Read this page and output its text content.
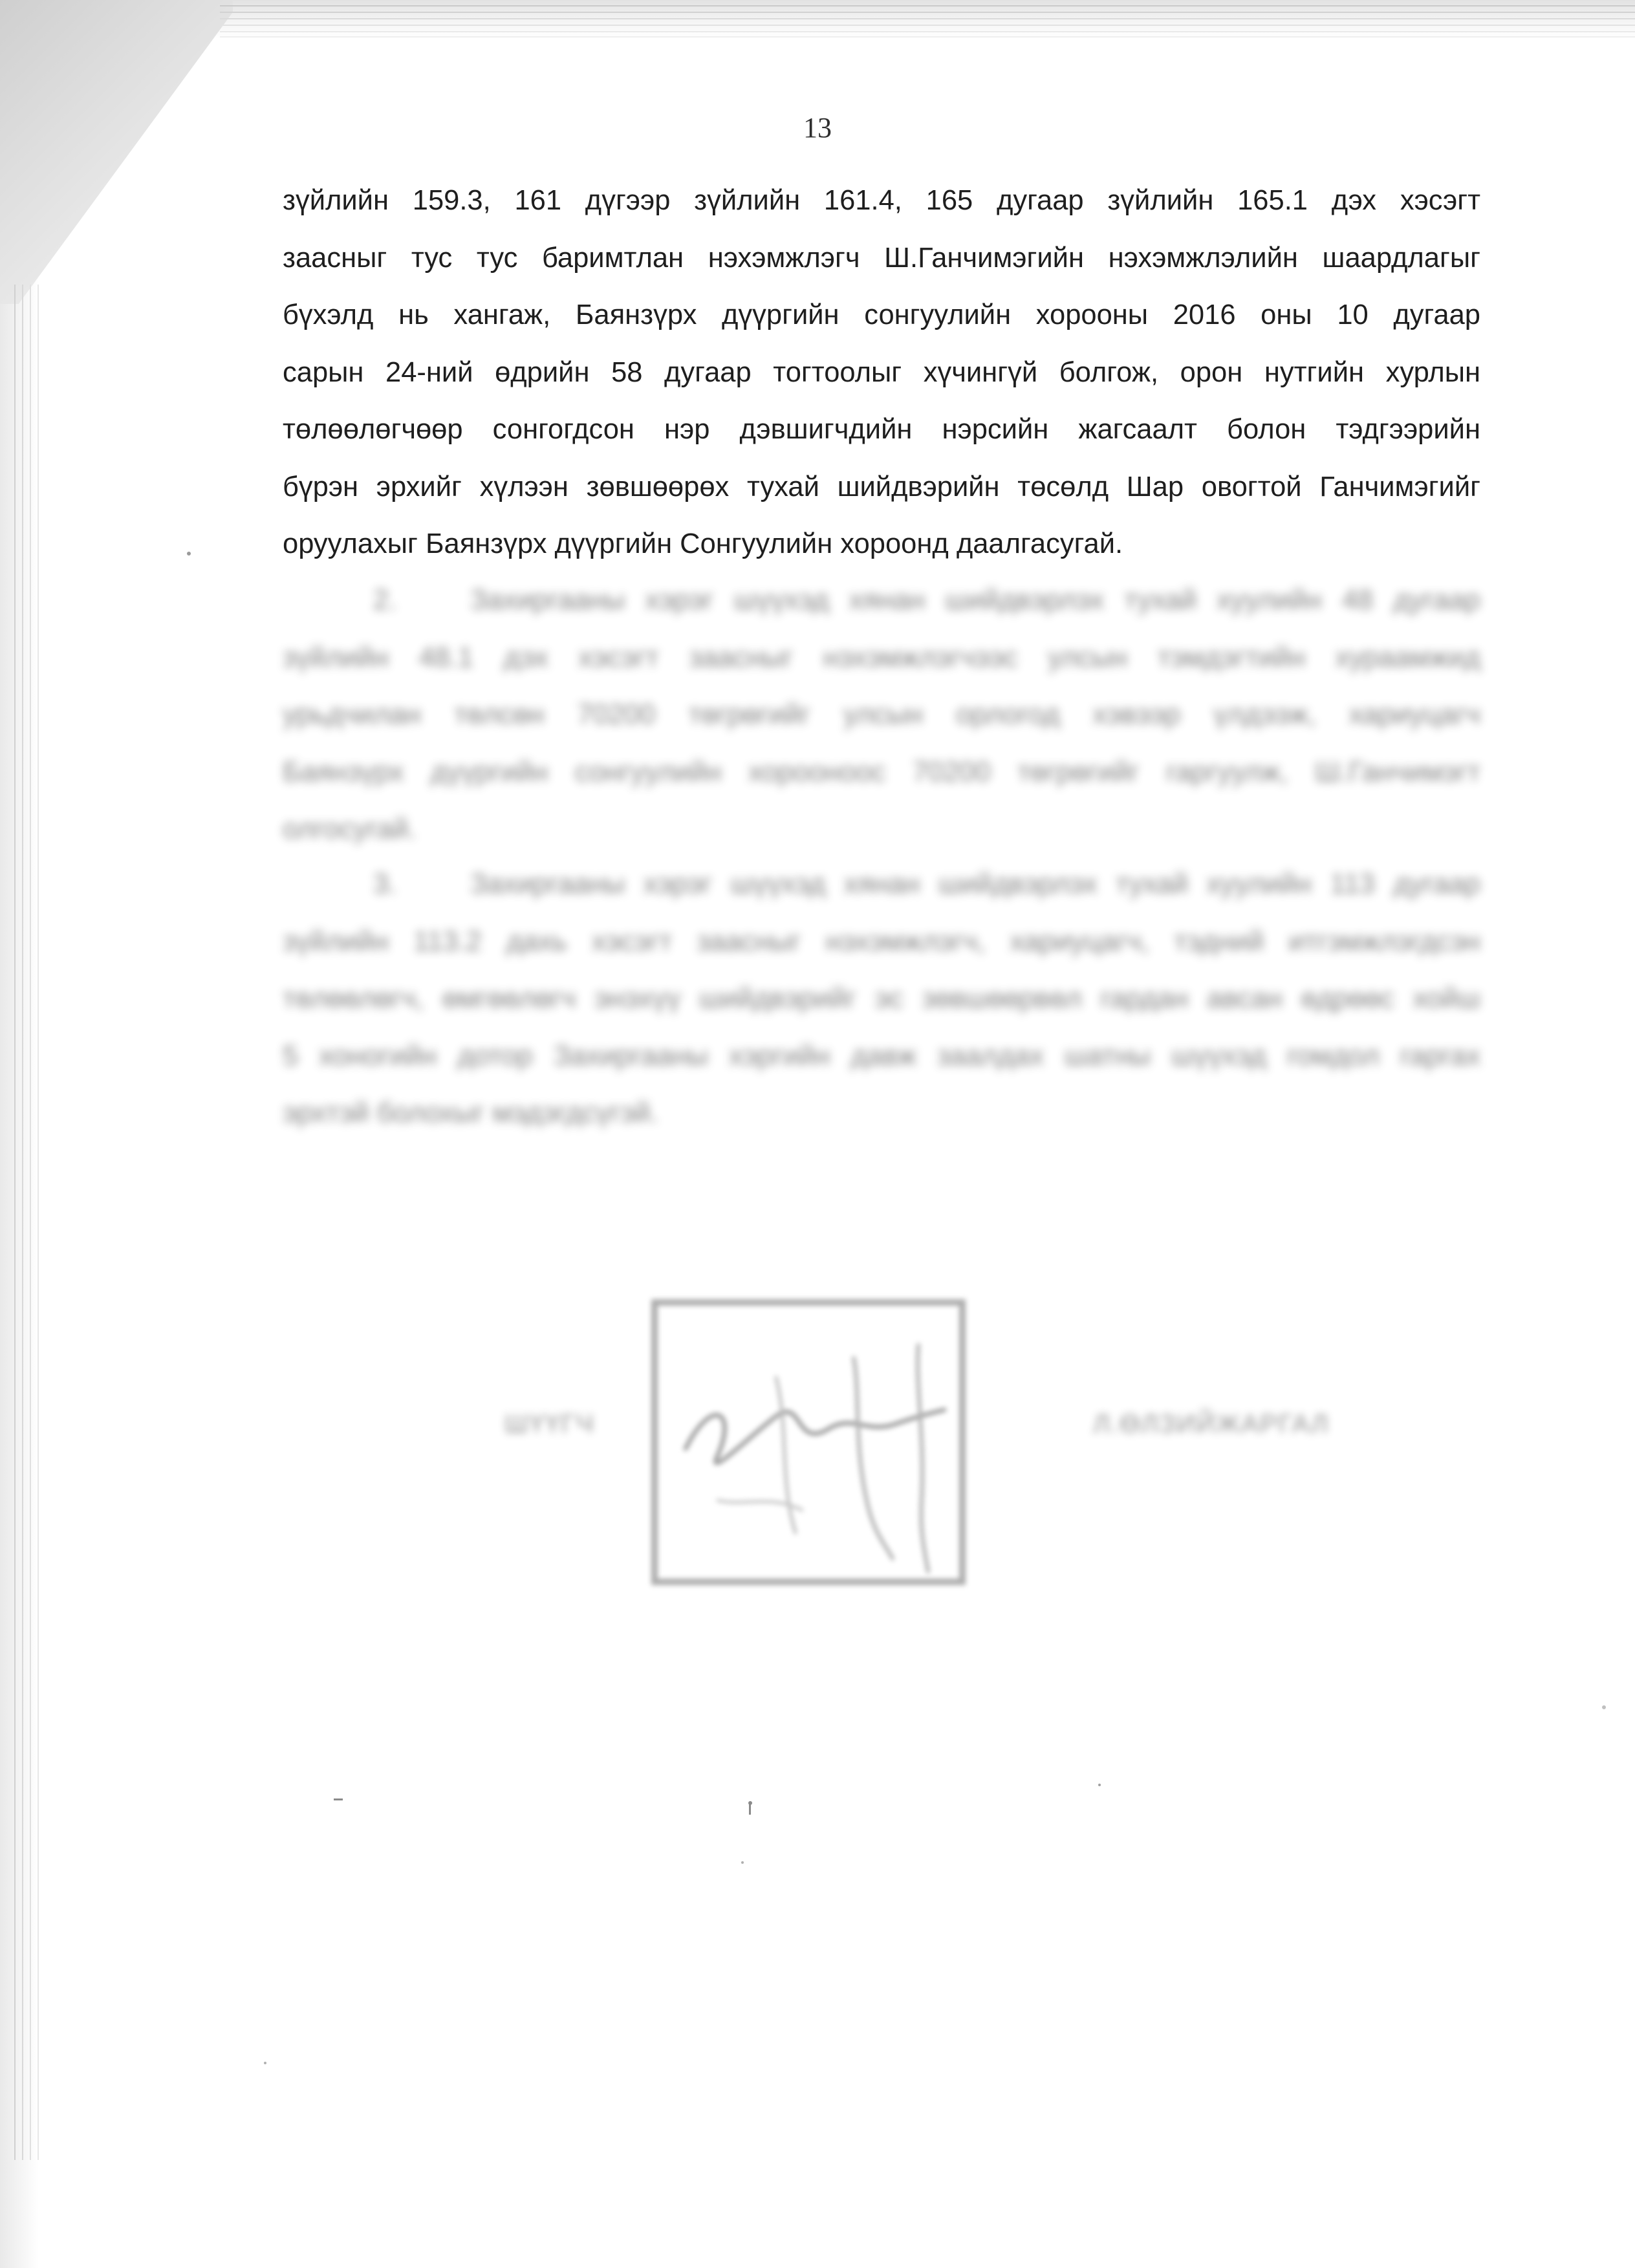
13
зүйлийн 159.3, 161 дүгээр зүйлийн 161.4, 165 дугаар зүйлийн 165.1 дэх хэсэгт
заасныг тус тус баримтлан нэхэмжлэгч Ш.Ганчимэгийн нэхэмжлэлийн шаардлагыг
бүхэлд нь хангаж, Баянзүрх дүүргийн сонгуулийн хорооны 2016 оны 10 дугаар
сарын 24-ний өдрийн 58 дугаар тогтоолыг хүчингүй болгож, орон нутгийн хурлын
төлөөлөгчөөр сонгогдсон нэр дэвшигчдийн нэрсийн жагсаалт болон тэдгээрийн
бүрэн эрхийг хүлээн зөвшөөрөх тухай шийдвэрийн төсөлд Шар овогтой Ганчимэгийг
оруулахыг Баянзүрх дүүргийн Сонгуулийн хороонд даалгасугай.
2.	Захиргааны хэрэг шүүхэд хянан шийдвэрлэх тухай хуулийн 48 дугаар
зүйлийн 48.1 дэх хэсэгт заасныг нэхэмжлэгчээс улсын тэмдэгтийн хураамжид
урьдчилан төлсөн 70200 төгрөгийг улсын орлогод хэвээр үлдээж, хариуцагч
Баянзүрх дүүргийн сонгуулийн хорооноос 70200 төгрөгийг гаргуулж, Ш.Ганчимэгт
олгосугай.
3.	Захиргааны хэрэг шүүхэд хянан шийдвэрлэх тухай хуулийн 113 дугаар
зүйлийн 113.2 дахь хэсэгт заасныг нэхэмжлэгч, хариуцагч, тэдний итгэмжлэгдсэн
төлөөлөгч, өмгөөлөгч энэхүү шийдвэрийг эс зөвшөөрвөл гардан авсан өдрөөс хойш
5 хоногийн дотор Захиргааны хэргийн давж заалдах шатны шүүхэд гомдол гаргах
эрхтэй болохыг мэдэгдсүгэй.
ШҮҮГЧ	Л.ӨЛЗИЙЖАРГАЛ
